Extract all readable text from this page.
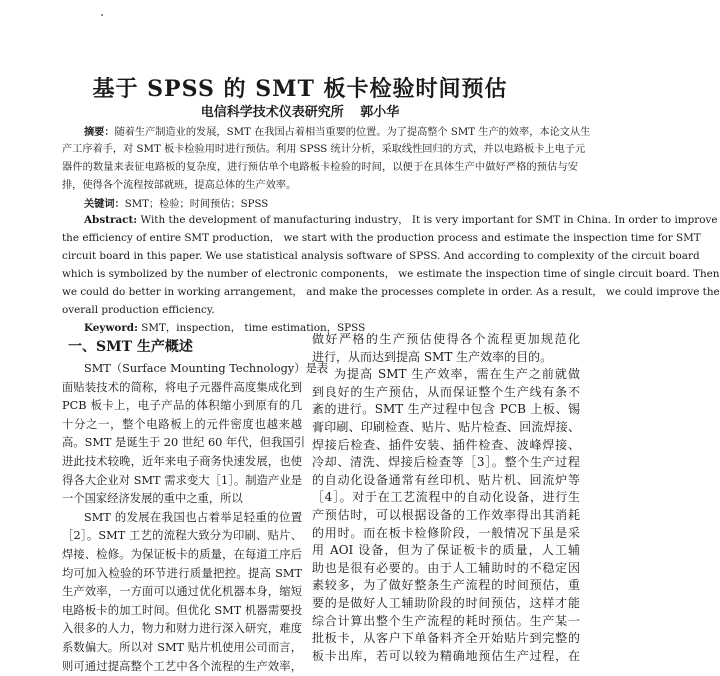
基于 SPSS 的 SMT 板卡检验时间预估
电信科学技术仪表研究所 郭小华
摘要：随着生产制造业的发展，SMT 在我国占着相当重要的位置。为了提高整个 SMT 生产的效率，本论文从生
产工序着手，对 SMT 板卡检验用时进行预估。利用 SPSS 统计分析，采取线性回归的方式，并以电路板卡上电子元
器件的数量来表征电路板的复杂度，进行预估单个电路板卡检验的时间，以便于在具体生产中做好严格的预估与安
排，使得各个流程按部就班，提高总体的生产效率。
关键词：SMT；检验；时间预估；SPSS
Abstract: With the development of manufacturing industry， It is very important for SMT in China. In order to improve
the efficiency of entire SMT production， we start with the production process and estimate the inspection time for SMT
circuit board in this paper. We use statistical analysis software of SPSS. And according to complexity of the circuit board
which is symbolized by the number of electronic components， we estimate the inspection time of single circuit board. Then
we could do better in working arrangement， and make the processes complete in order. As a result， we could improve the
overall production efficiency.
Keyword: SMT，inspection， time estimation，SPSS
一、SMT 生产概述
SMT（Surface Mounting Technology）是表
面贴装技术的简称，将电子元器件高度集成化到
PCB 板卡上，电子产品的体积缩小到原有的几
十分之一，整个电路板上的元件密度也越来越
高。SMT 是诞生于 20 世纪 60 年代，但我国引
进此技术较晚，近年来电子商务快速发展，也使
得各大企业对 SMT 需求变大［1］。制造产业是
一个国家经济发展的重中之重，所以
SMT 的发展在我国也占着举足轻重的位置
［2］。SMT 工艺的流程大致分为印刷、贴片、
焊接、检修。为保证板卡的质量，在每道工序后
均可加入检验的环节进行质量把控。提高 SMT
生产效率，一方面可以通过优化机器本身，缩短
电路板卡的加工时间。但优化 SMT 机器需要投
入很多的人力，物力和财力进行深入研究，难度
系数偏大。所以对 SMT 贴片机使用公司而言，
则可通过提高整个工艺中各个流程的生产效率，
做好严格的生产预估使得各个流程更加规范化
进行，从而达到提高 SMT 生产效率的目的。
为提高 SMT 生产效率，需在生产之前就做
到良好的生产预估，从而保证整个生产线有条不
紊的进行。SMT 生产过程中包含 PCB 上板、锡
膏印刷、印刷检查、贴片、贴片检查、回流焊接、
焊接后检查、插件安装、插件检查、波峰焊接、
冷却、清洗、焊接后检查等［3］。整个生产过程
的自动化设备通常有丝印机、贴片机、回流炉等
［4］。对于在工艺流程中的自动化设备，进行生
产预估时，可以根据设备的工作效率得出其消耗
的用时。而在板卡检修阶段，一般情况下虽是采
用 AOI 设备，但为了保证板卡的质量，人工辅
助也是很有必要的。由于人工辅助时的不稳定因
素较多，为了做好整条生产流程的时间预估，重
要的是做好人工辅助阶段的时间预估，这样才能
综合计算出整个生产流程的耗时预估。生产某一
批板卡，从客户下单备料齐全开始贴片到完整的
板卡出库，若可以较为精确地预估生产过程，在
